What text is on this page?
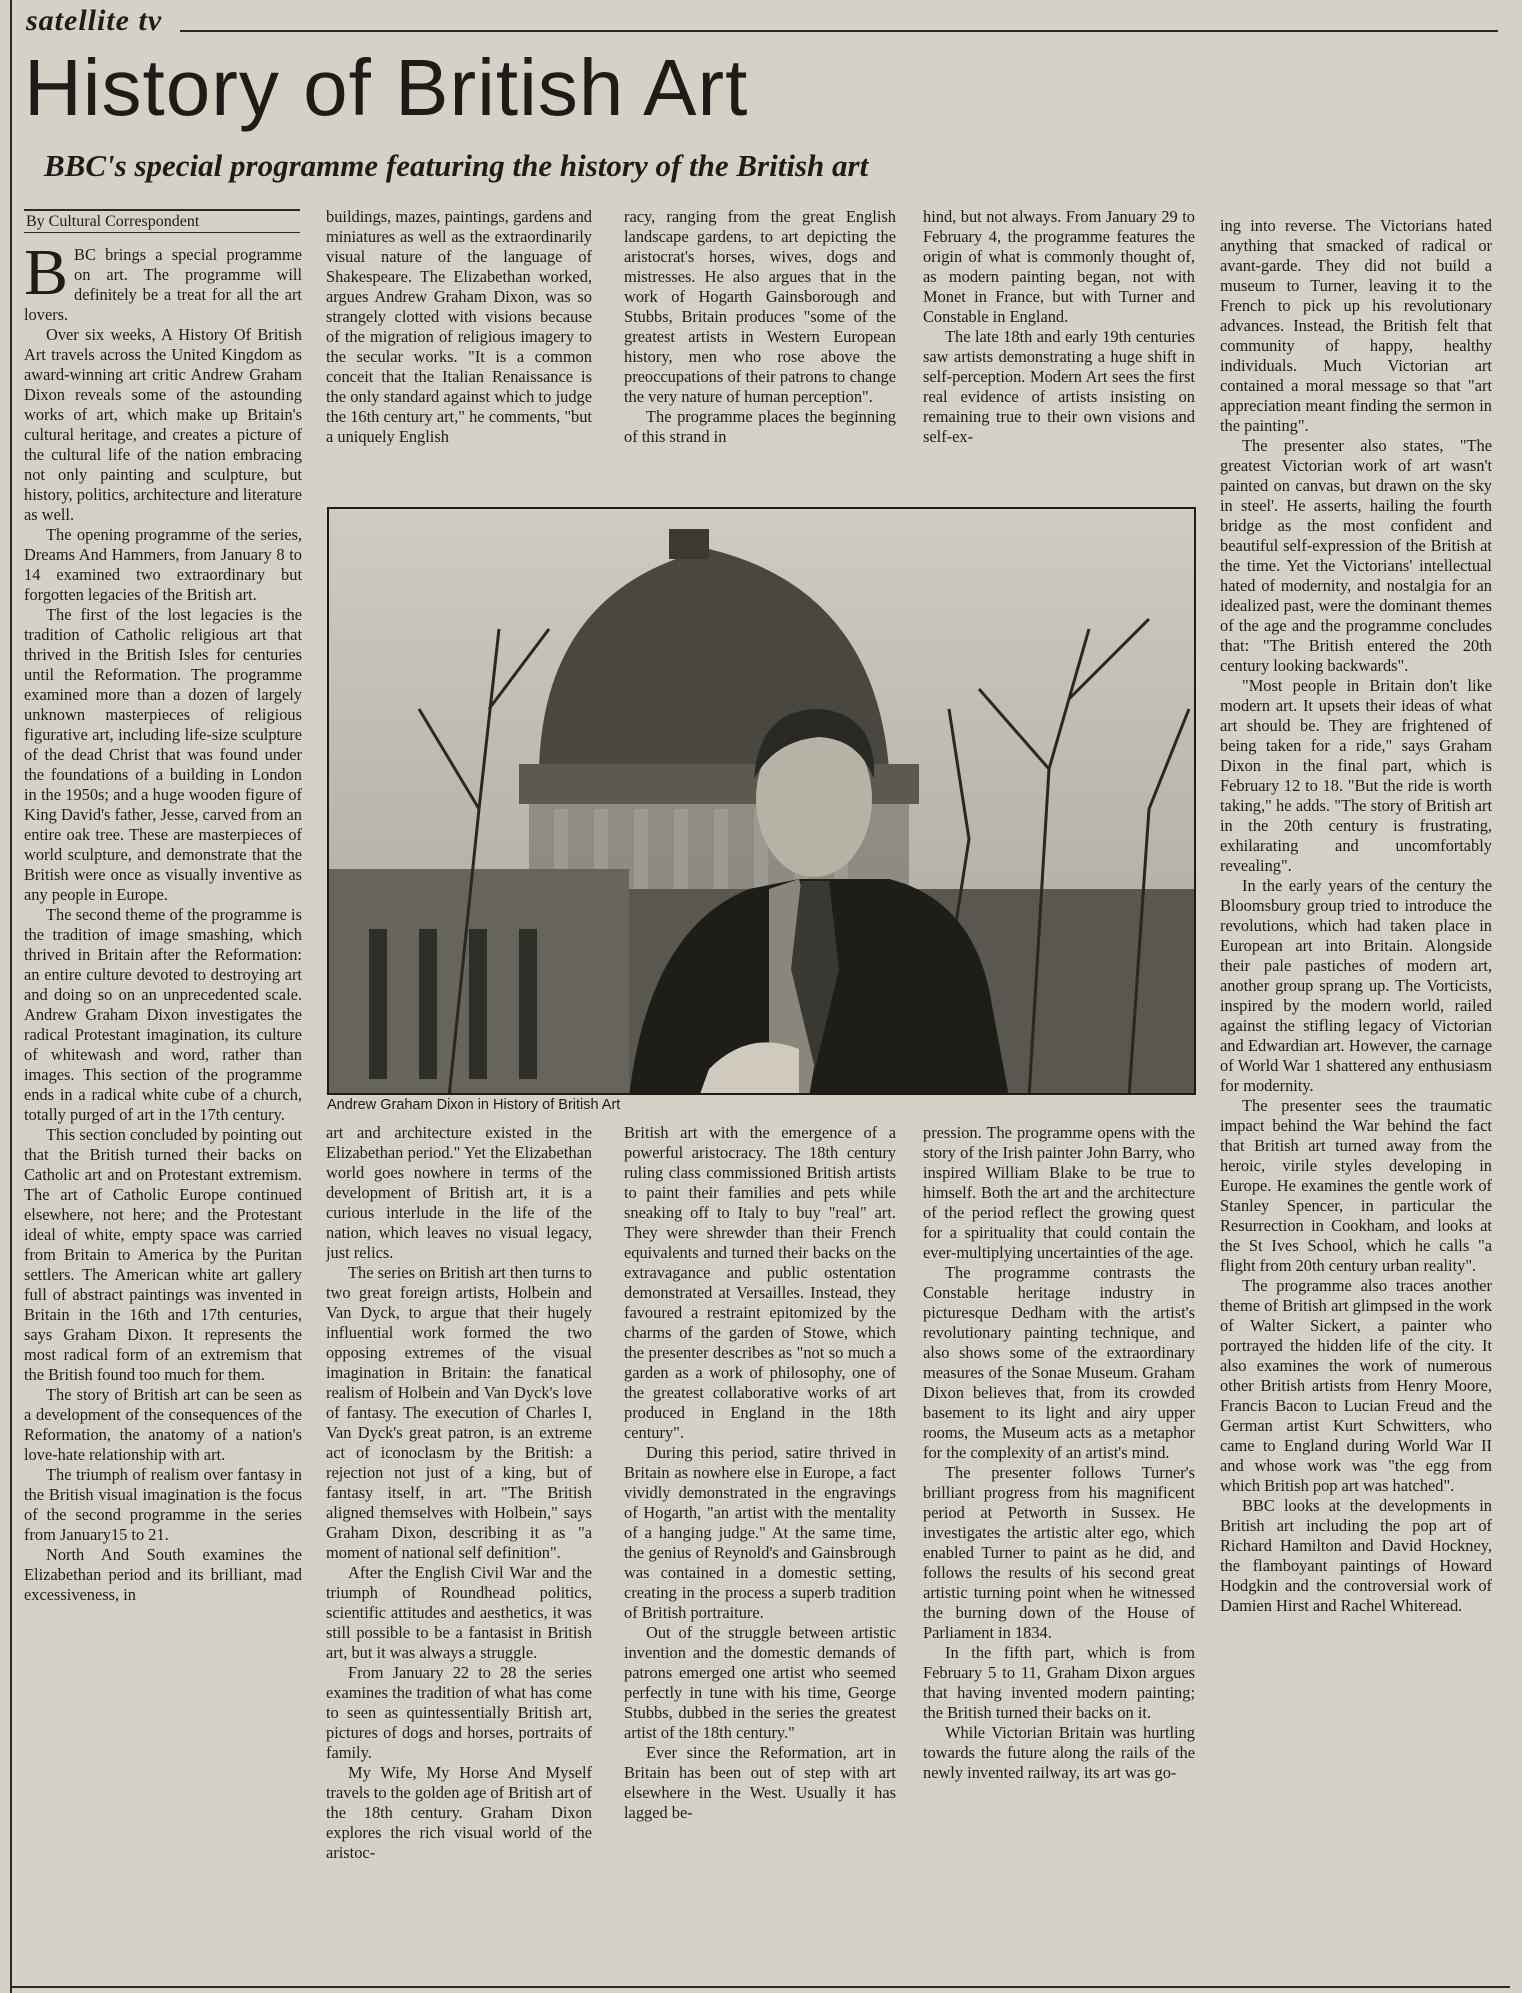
satellite tv
History of British Art
BBC's special programme featuring the history of the British art
By Cultural Correspondent

BBC brings a special programme on art. The programme will definitely be a treat for all the art lovers.

Over six weeks, A History Of British Art travels across the United Kingdom as award-winning art critic Andrew Graham Dixon reveals some of the astounding works of art, which make up Britain's cultural heritage, and creates a picture of the cultural life of the nation embracing not only painting and sculpture, but history, politics, architecture and literature as well.

The opening programme of the series, Dreams And Hammers, from January 8 to 14 examined two extraordinary but forgotten legacies of the British art.

The first of the lost legacies is the tradition of Catholic religious art that thrived in the British Isles for centuries until the Reformation. The programme examined more than a dozen of largely unknown masterpieces of religious figurative art, including life-size sculpture of the dead Christ that was found under the foundations of a building in London in the 1950s; and a huge wooden figure of King David's father, Jesse, carved from an entire oak tree. These are masterpieces of world sculpture, and demonstrate that the British were once as visually inventive as any people in Europe.

The second theme of the programme is the tradition of image smashing, which thrived in Britain after the Reformation: an entire culture devoted to destroying art and doing so on an unprecedented scale. Andrew Graham Dixon investigates the radical Protestant imagination, its culture of whitewash and word, rather than images. This section of the programme ends in a radical white cube of a church, totally purged of art in the 17th century.

This section concluded by pointing out that the British turned their backs on Catholic art and on Protestant extremism. The art of Catholic Europe continued elsewhere, not here; and the Protestant ideal of white, empty space was carried from Britain to America by the Puritan settlers. The American white art gallery full of abstract paintings was invented in Britain in the 16th and 17th centuries, says Graham Dixon. It represents the most radical form of an extremism that the British found too much for them.

The story of British art can be seen as a development of the consequences of the Reformation, the anatomy of a nation's love-hate relationship with art.

The triumph of realism over fantasy in the British visual imagination is the focus of the second programme in the series from January15 to 21.

North And South examines the Elizabethan period and its brilliant, mad excessiveness, in

buildings, mazes, paintings, gardens and miniatures as well as the extraordinarily visual nature of the language of Shakespeare. The Elizabethan worked, argues Andrew Graham Dixon, was so strangely clotted with visions because of the migration of religious imagery to the secular works. "It is a common conceit that the Italian Renaissance is the only standard against which to judge the 16th century art," he comments, "but a uniquely English

racy, ranging from the great English landscape gardens, to art depicting the aristocrat's horses, wives, dogs and mistresses. He also argues that in the work of Hogarth Gainsborough and Stubbs, Britain produces "some of the greatest artists in Western European history, men who rose above the preoccupations of their patrons to change the very nature of human perception".

The programme places the beginning of this strand in

hind, but not always. From January 29 to February 4, the programme features the origin of what is commonly thought of, as modern painting began, not with Monet in France, but with Turner and Constable in England.

The late 18th and early 19th centuries saw artists demonstrating a huge shift in self-perception. Modern Art sees the first real evidence of artists insisting on remaining true to their own visions and self-ex-

ing into reverse. The Victorians hated anything that smacked of radical or avant-garde. They did not build a museum to Turner, leaving it to the French to pick up his revolutionary advances. Instead, the British felt that community of happy, healthy individuals. Much Victorian art contained a moral message so that "art appreciation meant finding the sermon in the painting".

The presenter also states, "The greatest Victorian work of art wasn't painted on canvas, but drawn on the sky in steel'. He asserts, hailing the fourth bridge as the most confident and beautiful self-expression of the British at the time. Yet the Victorians' intellectual hated of modernity, and nostalgia for an idealized past, were the dominant themes of the age and the programme concludes that: "The British entered the 20th century looking backwards".

"Most people in Britain don't like modern art. It upsets their ideas of what art should be. They are frightened of being taken for a ride," says Graham Dixon in the final part, which is February 12 to 18. "But the ride is worth taking," he adds. "The story of British art in the 20th century is frustrating, exhilarating and uncomfortably revealing".

In the early years of the century the Bloomsbury group tried to introduce the revolutions, which had taken place in European art into Britain. Alongside their pale pastiches of modern art, another group sprang up. The Vorticists, inspired by the modern world, railed against the stifling legacy of Victorian and Edwardian art. However, the carnage of World War 1 shattered any enthusiasm for modernity.

The presenter sees the traumatic impact behind the War behind the fact that British art turned away from the heroic, virile styles developing in Europe. He examines the gentle work of Stanley Spencer, in particular the Resurrection in Cookham, and looks at the St Ives School, which he calls "a flight from 20th century urban reality".

The programme also traces another theme of British art glimpsed in the work of Walter Sickert, a painter who portrayed the hidden life of the city. It also examines the work of numerous other British artists from Henry Moore, Francis Bacon to Lucian Freud and the German artist Kurt Schwitters, who came to England during World War II and whose work was "the egg from which British pop art was hatched".

BBC looks at the developments in British art including the pop art of Richard Hamilton and David Hockney, the flamboyant paintings of Howard Hodgkin and the controversial work of Damien Hirst and Rachel Whiteread.

Andrew Graham Dixon in History of British Art

art and architecture existed in the Elizabethan period." Yet the Elizabethan world goes nowhere in terms of the development of British art, it is a curious interlude in the life of the nation, which leaves no visual legacy, just relics.

The series on British art then turns to two great foreign artists, Holbein and Van Dyck, to argue that their hugely influential work formed the two opposing extremes of the visual imagination in Britain: the fanatical realism of Holbein and Van Dyck's love of fantasy. The execution of Charles I, Van Dyck's great patron, is an extreme act of iconoclasm by the British: a rejection not just of a king, but of fantasy itself, in art. "The British aligned themselves with Holbein," says Graham Dixon, describing it as "a moment of national self definition".

After the English Civil War and the triumph of Roundhead politics, scientific attitudes and aesthetics, it was still possible to be a fantasist in British art, but it was always a struggle.

From January 22 to 28 the series examines the tradition of what has come to seen as quintessentially British art, pictures of dogs and horses, portraits of family.

My Wife, My Horse And Myself travels to the golden age of British art of the 18th century. Graham Dixon explores the rich visual world of the aristoc-

British art with the emergence of a powerful aristocracy. The 18th century ruling class commissioned British artists to paint their families and pets while sneaking off to Italy to buy "real" art. They were shrewder than their French equivalents and turned their backs on the extravagance and public ostentation demonstrated at Versailles. Instead, they favoured a restraint epitomized by the charms of the garden of Stowe, which the presenter describes as "not so much a garden as a work of philosophy, one of the greatest collaborative works of art produced in England in the 18th century".

During this period, satire thrived in Britain as nowhere else in Europe, a fact vividly demonstrated in the engravings of Hogarth, "an artist with the mentality of a hanging judge." At the same time, the genius of Reynold's and Gainsbrough was contained in a domestic setting, creating in the process a superb tradition of British portraiture.

Out of the struggle between artistic invention and the domestic demands of patrons emerged one artist who seemed perfectly in tune with his time, George Stubbs, dubbed in the series the greatest artist of the 18th century."

Ever since the Reformation, art in Britain has been out of step with art elsewhere in the West. Usually it has lagged be-

pression. The programme opens with the story of the Irish painter John Barry, who inspired William Blake to be true to himself. Both the art and the architecture of the period reflect the growing quest for a spirituality that could contain the ever-multiplying uncertainties of the age.

The programme contrasts the Constable heritage industry in picturesque Dedham with the artist's revolutionary painting technique, and also shows some of the extraordinary measures of the Sonae Museum. Graham Dixon believes that, from its crowded basement to its light and airy upper rooms, the Museum acts as a metaphor for the complexity of an artist's mind.

The presenter follows Turner's brilliant progress from his magnificent period at Petworth in Sussex. He investigates the artistic alter ego, which enabled Turner to paint as he did, and follows the results of his second great artistic turning point when he witnessed the burning down of the House of Parliament in 1834.

In the fifth part, which is from February 5 to 11, Graham Dixon argues that having invented modern painting; the British turned their backs on it.

While Victorian Britain was hurtling towards the future along the rails of the newly invented railway, its art was go-
